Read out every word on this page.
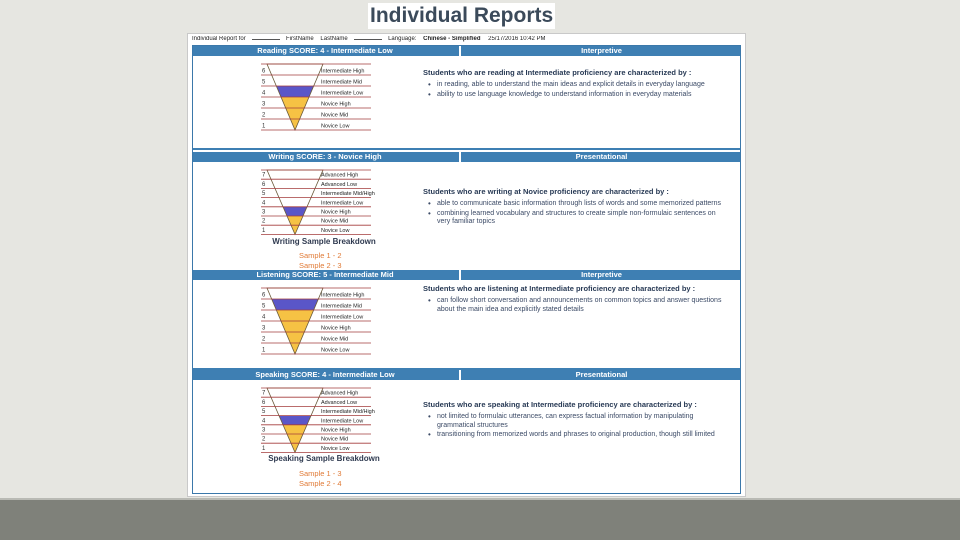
Individual Reports
Individual Report for	FirstName LastName	Language: Chinese - Simplified 25/17/2016 10:42 PM
Reading SCORE: 4 - Intermediate Low	Interpretive
6	Intermediate High
5	Intermediate Mid
4	Intermediate Low
3	Novice High
2	Novice Mid
1	Novice Low
Students who are reading at Intermediate proficiency are characterized by :
• in reading, able to understand the main ideas and explicit details in everyday language
• ability to use language knowledge to understand information in everyday materials
Writing SCORE: 3 - Novice High	Presentational
7	Advanced High
6	Advanced Low
5	Intermediate Mid/High
4	Intermediate Low
3	Novice High
2	Novice Mid
1	Novice Low
Writing Sample Breakdown
Sample 1 - 2
Sample 2 - 3
Students who are writing at Novice proficiency are characterized by :
• able to communicate basic information through lists of words and some memorized patterns
• combining learned vocabulary and structures to create simple non-formulaic sentences on very familiar topics
Listening SCORE: 5 - Intermediate Mid	Interpretive
6	Intermediate High
5	Intermediate Mid
4	Intermediate Low
3	Novice High
2	Novice Mid
1	Novice Low
Students who are listening at Intermediate proficiency are characterized by :
• can follow short conversation and announcements on common topics and answer questions about the main idea and explicitly stated details
Speaking SCORE: 4 - Intermediate Low	Presentational
7	Advanced High
6	Advanced Low
5	Intermediate Mid/High
4	Intermediate Low
3	Novice High
2	Novice Mid
1	Novice Low
Speaking Sample Breakdown
Sample 1 - 3
Sample 2 - 4
Students who are speaking at Intermediate proficiency are characterized by :
• not limited to formulaic utterances, can express factual information by manipulating grammatical structures
• transitioning from memorized words and phrases to original production, though still limited
